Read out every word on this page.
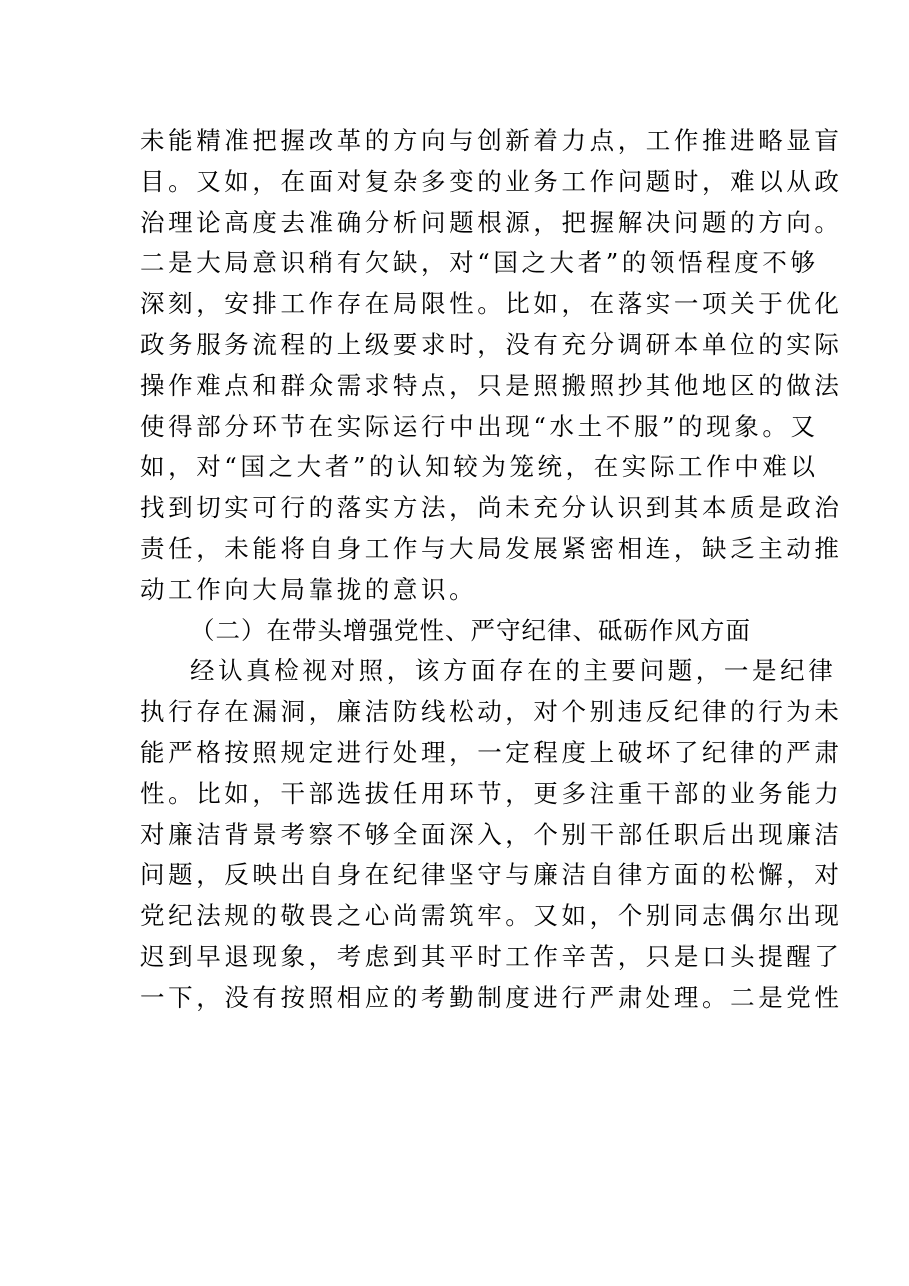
未能精准把握改革的方向与创新着力点，工作推进略显盲
目。又如，在面对复杂多变的业务工作问题时，难以从政
治理论高度去准确分析问题根源，把握解决问题的方向。
二是大局意识稍有欠缺，对“国之大者”的领悟程度不够
深刻，安排工作存在局限性。比如，在落实一项关于优化
政务服务流程的上级要求时，没有充分调研本单位的实际
操作难点和群众需求特点，只是照搬照抄其他地区的做法
使得部分环节在实际运行中出现“水土不服”的现象。又
如，对“国之大者”的认知较为笼统，在实际工作中难以
找到切实可行的落实方法，尚未充分认识到其本质是政治
责任，未能将自身工作与大局发展紧密相连，缺乏主动推
动工作向大局靠拢的意识。
（二）在带头增强党性、严守纪律、砥砺作风方面
经认真检视对照，该方面存在的主要问题，一是纪律
执行存在漏洞，廉洁防线松动，对个别违反纪律的行为未
能严格按照规定进行处理，一定程度上破坏了纪律的严肃
性。比如，干部选拔任用环节，更多注重干部的业务能力
对廉洁背景考察不够全面深入，个别干部任职后出现廉洁
问题，反映出自身在纪律坚守与廉洁自律方面的松懈，对
党纪法规的敬畏之心尚需筑牢。又如，个别同志偶尔出现
迟到早退现象，考虑到其平时工作辛苦，只是口头提醒了
一下，没有按照相应的考勤制度进行严肃处理。二是党性
